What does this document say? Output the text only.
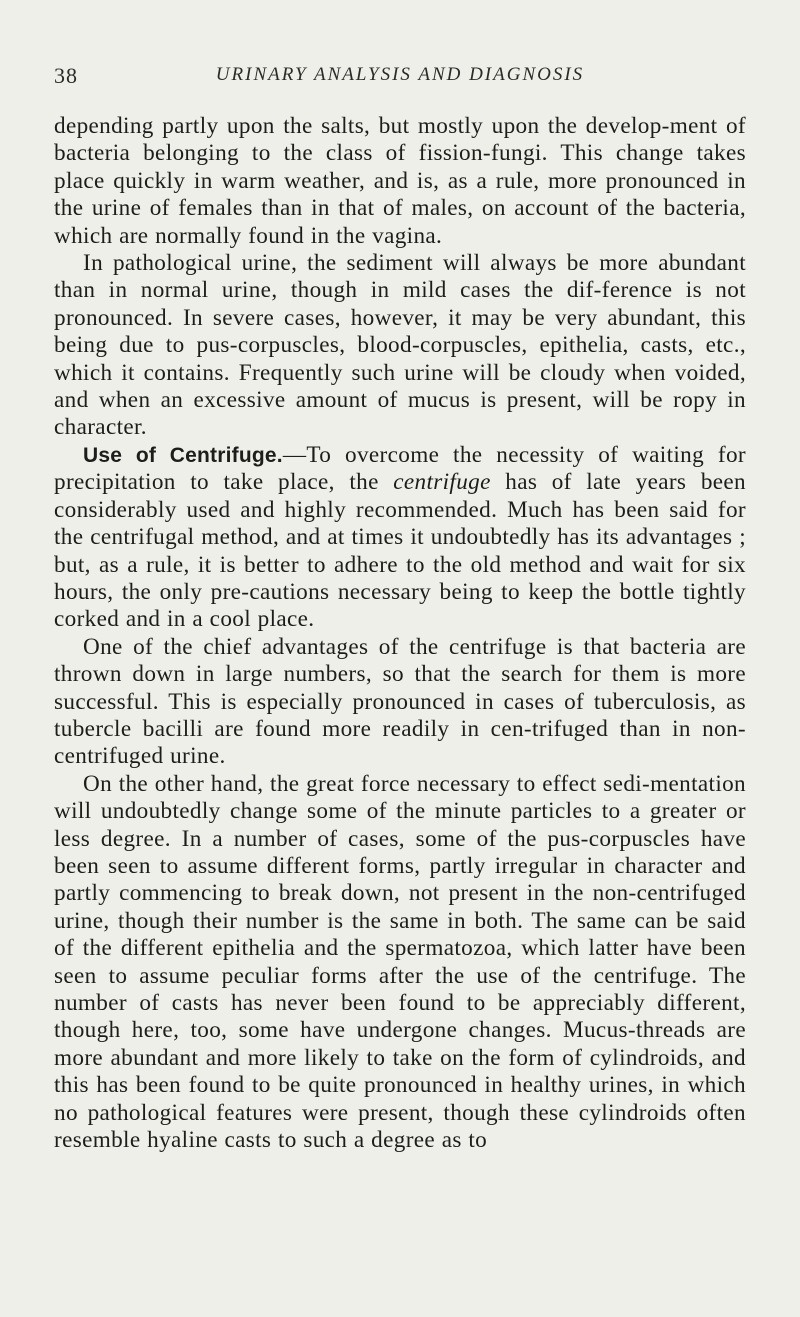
38	URINARY ANALYSIS AND DIAGNOSIS

depending partly upon the salts, but mostly upon the develop-ment of bacteria belonging to the class of fission-fungi. This change takes place quickly in warm weather, and is, as a rule, more pronounced in the urine of females than in that of males, on account of the bacteria, which are normally found in the vagina.

In pathological urine, the sediment will always be more abundant than in normal urine, though in mild cases the dif-ference is not pronounced. In severe cases, however, it may be very abundant, this being due to pus-corpuscles, blood-corpuscles, epithelia, casts, etc., which it contains. Frequently such urine will be cloudy when voided, and when an excessive amount of mucus is present, will be ropy in character.

Use of Centrifuge.—To overcome the necessity of waiting for precipitation to take place, the centrifuge has of late years been considerably used and highly recommended. Much has been said for the centrifugal method, and at times it undoubtedly has its advantages ; but, as a rule, it is better to adhere to the old method and wait for six hours, the only pre-cautions necessary being to keep the bottle tightly corked and in a cool place.

One of the chief advantages of the centrifuge is that bacteria are thrown down in large numbers, so that the search for them is more successful. This is especially pronounced in cases of tuberculosis, as tubercle bacilli are found more readily in cen-trifuged than in non-centrifuged urine.

On the other hand, the great force necessary to effect sedi-mentation will undoubtedly change some of the minute particles to a greater or less degree. In a number of cases, some of the pus-corpuscles have been seen to assume different forms, partly irregular in character and partly commencing to break down, not present in the non-centrifuged urine, though their number is the same in both. The same can be said of the different epithelia and the spermatozoa, which latter have been seen to assume peculiar forms after the use of the centrifuge. The number of casts has never been found to be appreciably different, though here, too, some have undergone changes. Mucus-threads are more abundant and more likely to take on the form of cylindroids, and this has been found to be quite pronounced in healthy urines, in which no pathological features were present, though these cylindroids often resemble hyaline casts to such a degree as to
